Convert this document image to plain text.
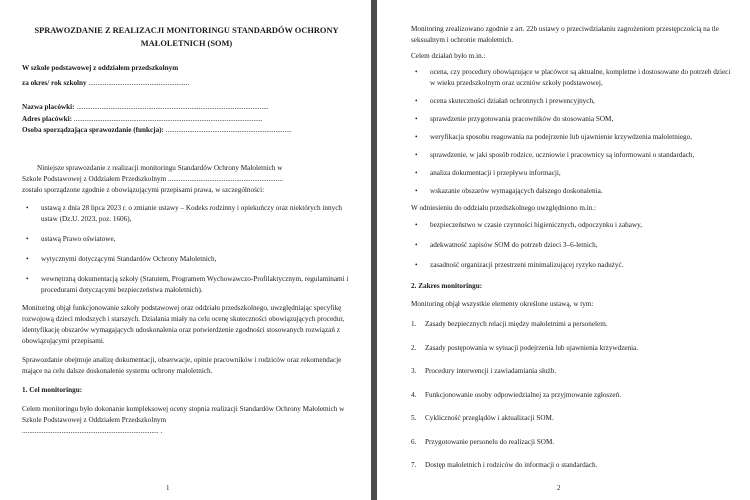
SPRAWOZDANIE Z REALIZACJI MONITORINGU STANDARDÓW OCHRONY MAŁOLETNICH (SOM)
W szkole podstawowej z oddziałem przedszkolnym
za okres/ rok szkolny ........................................................
Nazwa placówki: ...........................................................................................................
Adres placówki: .........................................................................................................
Osoba sporządzająca sprawozdanie (funkcja): ......................................................................
Niniejsze sprawozdanie z realizacji monitoringu Standardów Ochrony Małoletnich w
Szkole Podstawowej z Oddziałem Przedszkolnym ................................................................
zostało sporządzone zgodnie z obowiązującymi przepisami prawa, w szczególności:
• ustawą z dnia 28 lipca 2023 r. o zmianie ustawy – Kodeks rodzinny i opiekuńczy oraz niektórych innych ustaw (Dz.U. 2023, poz. 1606),
• ustawą Prawo oświatowe,
• wytycznymi dotyczącymi Standardów Ochrony Małoletnich,
• wewnętrzną dokumentacją szkoły (Statutem, Programem Wychowawczo-Profilaktycznym, regulaminami i procedurami dotyczącymi bezpieczeństwa małoletnich).
Monitoring objął funkcjonowanie szkoły podstawowej oraz oddziału przedszkolnego, uwzględniając specyfikę rozwojową dzieci młodszych i starszych. Działania miały na celu ocenę skuteczności obowiązujących procedur, identyfikację obszarów wymagających udoskonalenia oraz potwierdzenie zgodności stosowanych rozwiązań z obowiązującymi przepisami.
Sprawozdanie obejmuje analizę dokumentacji, obserwacje, opinie pracowników i rodziców oraz rekomendacje mające na celu dalsze doskonalenie systemu ochrony małoletnich.
1. Cel monitoringu:
Celem monitoringu było dokonanie kompleksowej oceny stopnia realizacji Standardów Ochrony Małoletnich w Szkole Podstawowej z Oddziałem Przedszkolnym
............................................................................ .
1
Monitoring zrealizowano zgodnie z art. 22b ustawy o przeciwdziałaniu zagrożeniom przestępczością na tle seksualnym i ochronie małoletnich.
Celem działań było m.in.:
• ocena, czy procedury obowiązujące w placówce są aktualne, kompletne i dostosowane do potrzeb dzieci w wieku przedszkolnym oraz uczniów szkoły podstawowej,
• ocena skuteczności działań ochronnych i prewencyjnych,
• sprawdzenie przygotowania pracowników do stosowania SOM,
• weryfikacja sposobu reagowania na podejrzenie lub ujawnienie krzywdzenia małoletniego,
• sprawdzenie, w jaki sposób rodzice, uczniowie i pracownicy są informowani o standardach,
• analiza dokumentacji i przepływu informacji,
• wskazanie obszarów wymagających dalszego doskonalenia.
W odniesieniu do oddziału przedszkolnego uwzględniono m.in.:
• bezpieczeństwo w czasie czynności higienicznych, odpoczynku i zabawy,
• adekwatność zapisów SOM do potrzeb dzieci 3–6-letnich,
• zasadność organizacji przestrzeni minimalizującej ryzyko nadużyć.
2. Zakres monitoringu:
Monitoring objął wszystkie elementy określone ustawą, w tym:
1. Zasady bezpiecznych relacji między małoletnimi a personelem.
2. Zasady postępowania w sytuacji podejrzenia lub ujawnienia krzywdzenia.
3. Procedury interwencji i zawiadamiania służb.
4. Funkcjonowanie osoby odpowiedzialnej za przyjmowanie zgłoszeń.
5. Cykliczność przeglądów i aktualizacji SOM.
6. Przygotowanie personelu do realizacji SOM.
7. Dostęp małoletnich i rodziców do informacji o standardach.
2
